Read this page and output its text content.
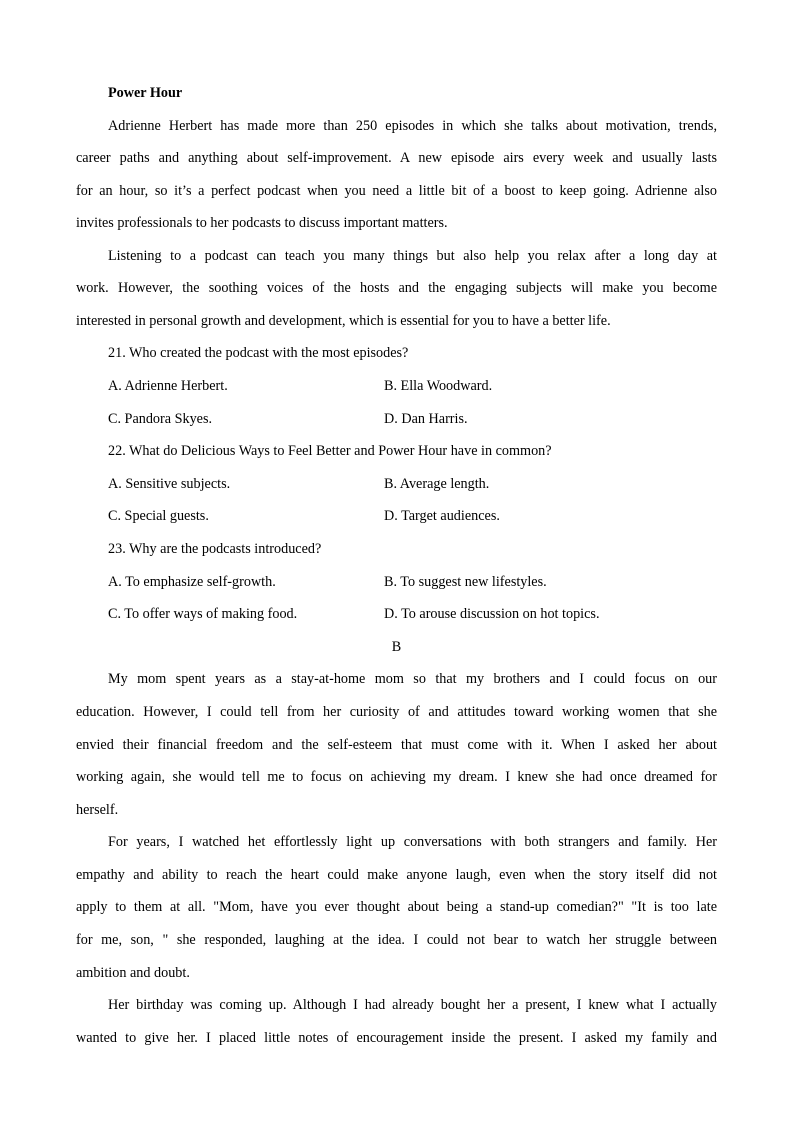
Power Hour
Adrienne Herbert has made more than 250 episodes in which she talks about motivation, trends,
career paths and anything about self-improvement. A new episode airs every week and usually lasts
for an hour, so it’s a perfect podcast when you need a little bit of a boost to keep going. Adrienne also
invites professionals to her podcasts to discuss important matters.
Listening to a podcast can teach you many things but also help you relax after a long day at
work. However, the soothing voices of the hosts and the engaging subjects will make you become
interested in personal growth and development, which is essential for you to have a better life.
21. Who created the podcast with the most episodes?
A. Adrienne Herbert.	B. Ella Woodward.
C. Pandora Skyes.	D. Dan Harris.
22. What do Delicious Ways to Feel Better and Power Hour have in common?
A. Sensitive subjects.	B. Average length.
C. Special guests.	D. Target audiences.
23. Why are the podcasts introduced?
A. To emphasize self-growth.	B. To suggest new lifestyles.
C. To offer ways of making food.	D. To arouse discussion on hot topics.
B
My mom spent years as a stay-at-home mom so that my brothers and I could focus on our
education. However, I could tell from her curiosity of and attitudes toward working women that she
envied their financial freedom and the self-esteem that must come with it. When I asked her about
working again, she would tell me to focus on achieving my dream. I knew she had once dreamed for
herself.
For years, I watched het effortlessly light up conversations with both strangers and family. Her
empathy and ability to reach the heart could make anyone laugh, even when the story itself did not
apply to them at all. "Mom, have you ever thought about being a stand-up comedian?" "It is too late
for me, son, " she responded, laughing at the idea. I could not bear to watch her struggle between
ambition and doubt.
Her birthday was coming up. Although I had already bought her a present, I knew what I actually
wanted to give her. I placed little notes of encouragement inside the present. I asked my family and
